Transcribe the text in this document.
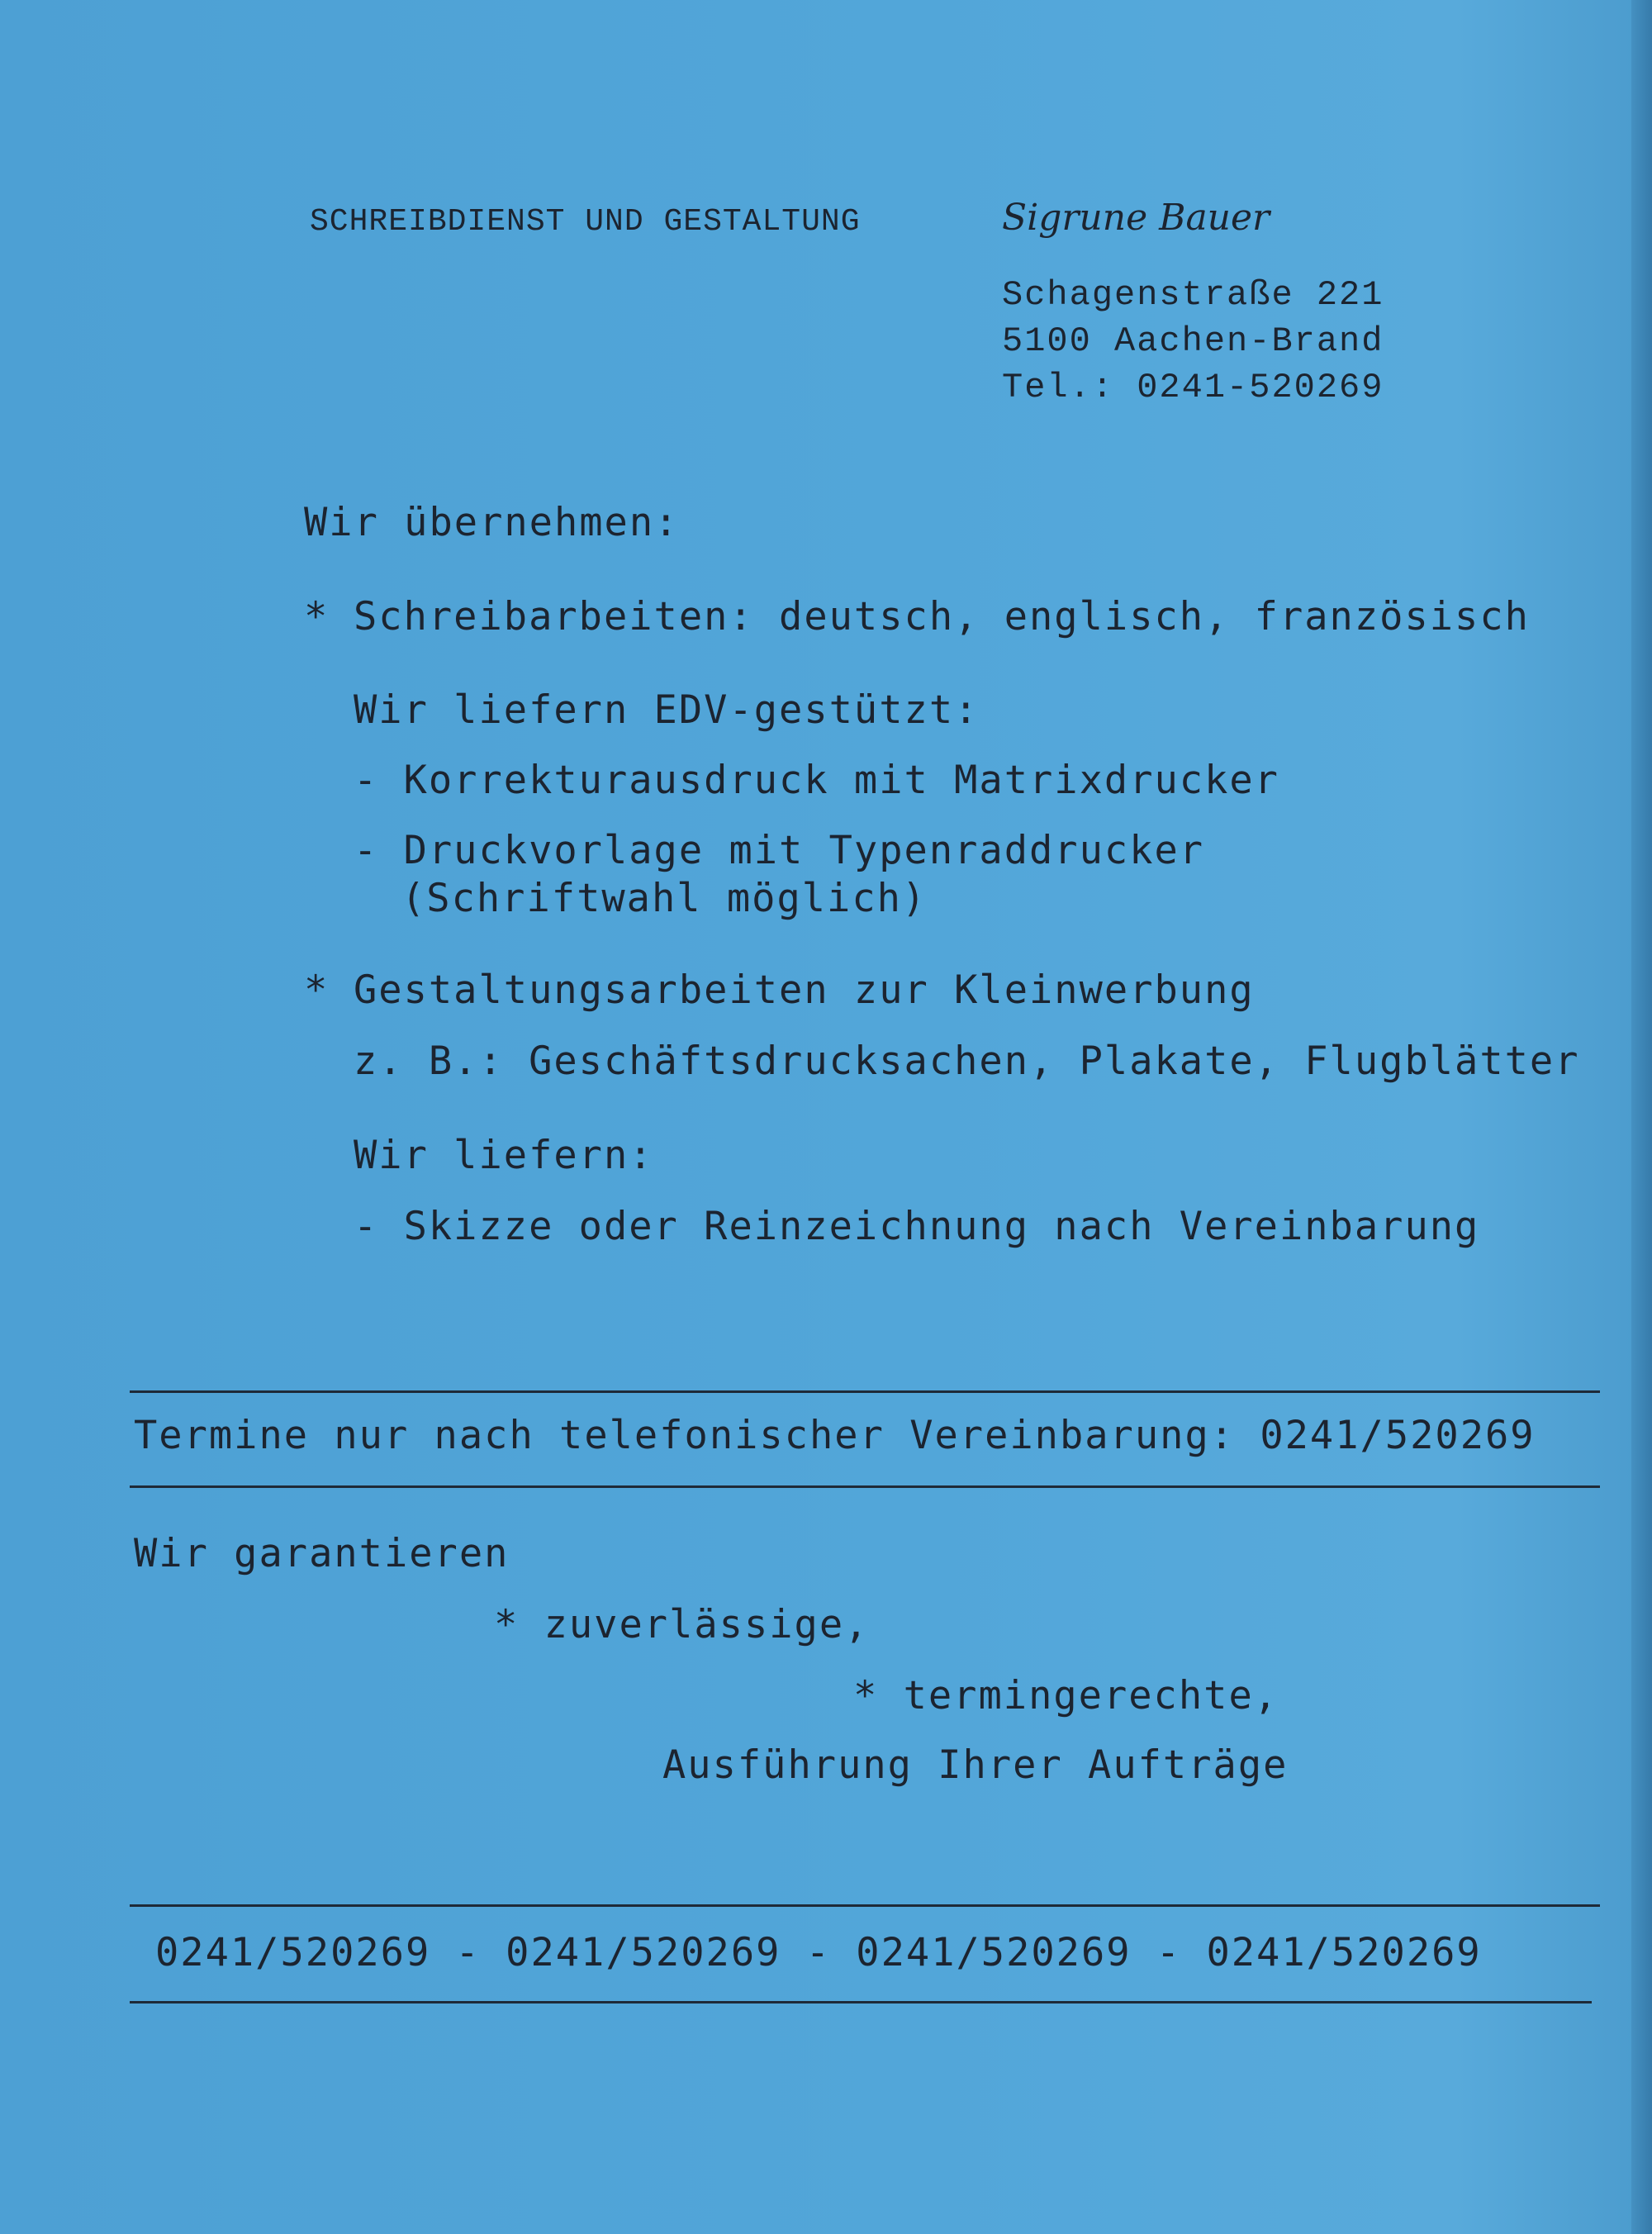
SCHREIBDIENST UND GESTALTUNG	Sigrune Bauer
Schagenstraße 221
5100 Aachen-Brand
Tel.: 0241-520269
Wir übernehmen:
* Schreibarbeiten: deutsch, englisch, französisch
Wir liefern EDV-gestützt:
- Korrekturausdruck mit Matrixdrucker
- Druckvorlage mit Typenraddrucker
(Schriftwahl möglich)
* Gestaltungsarbeiten zur Kleinwerbung
z. B.: Geschäftsdrucksachen, Plakate, Flugblätter
Wir liefern:
- Skizze oder Reinzeichnung nach Vereinbarung
Termine nur nach telefonischer Vereinbarung: 0241/520269
Wir garantieren
* zuverlässige,
* termingerechte,
Ausführung Ihrer Aufträge
0241/520269 - 0241/520269 - 0241/520269 - 0241/520269
